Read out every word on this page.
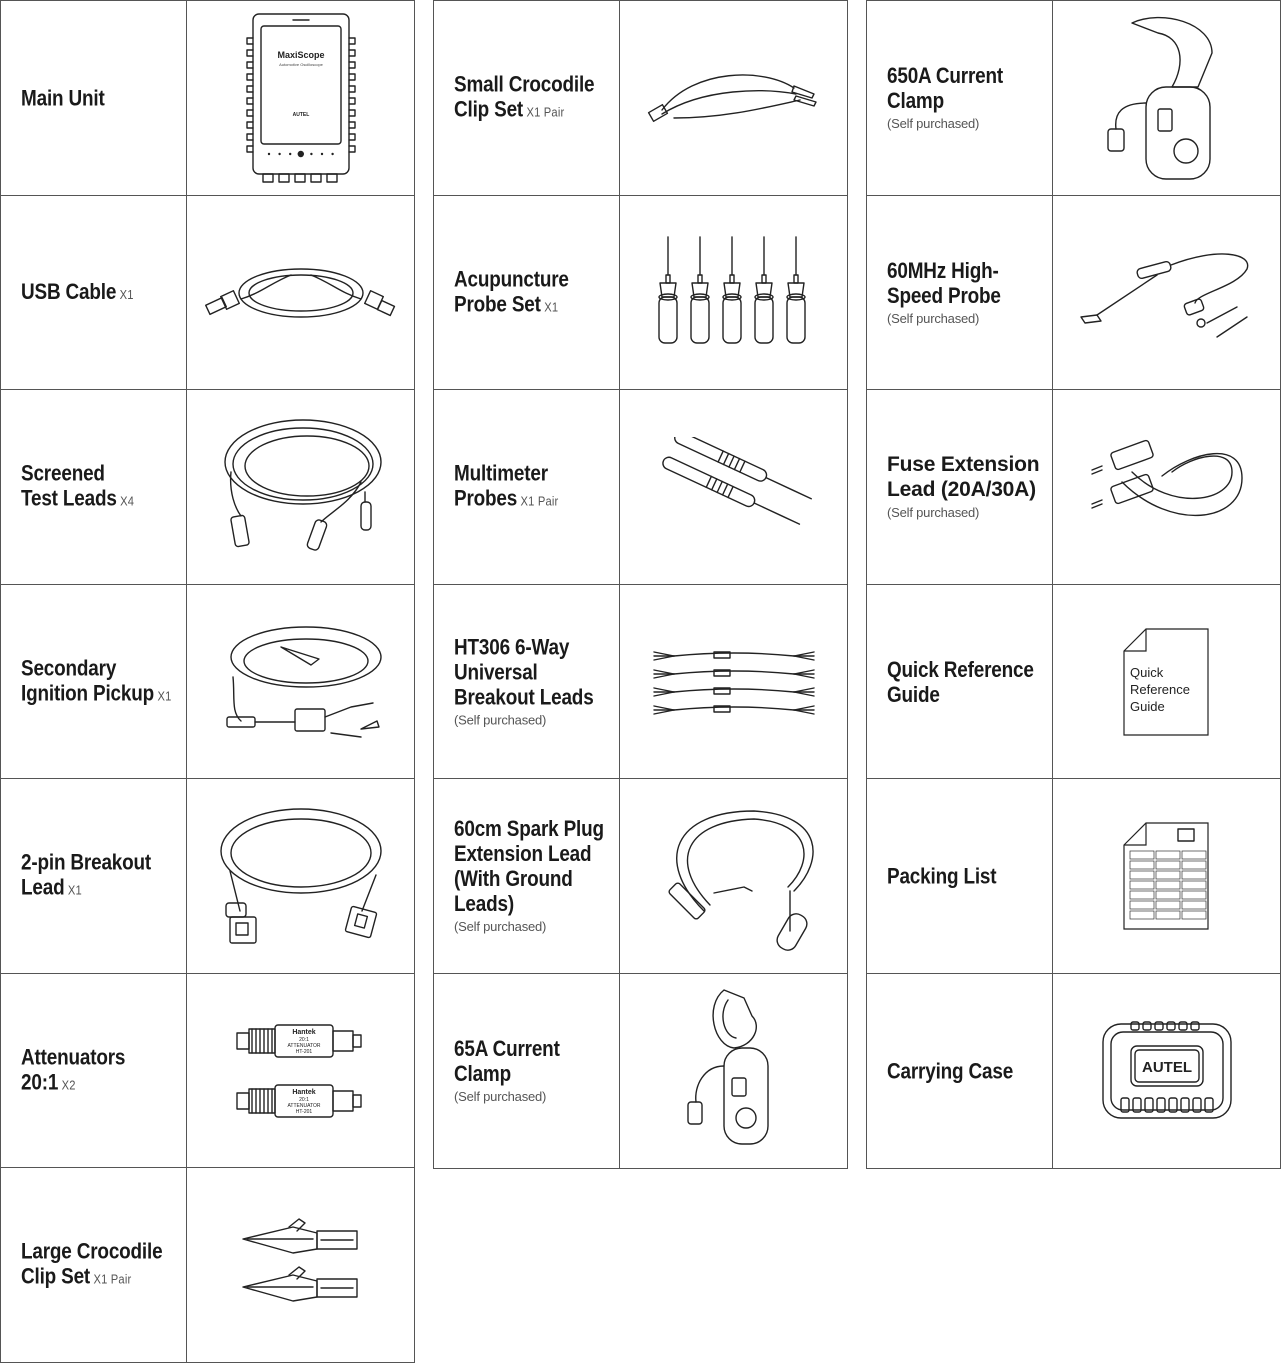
Main Unit
MaxiScope
Automotive Oscilloscope
AUTEL
USB Cable X1
Screened
Test Leads X4
Secondary
Ignition Pickup X1
2-pin Breakout
Lead X1
Attenuators
20:1 X2
Hantek
20:1
ATTENUATOR
HT-201
Hantek
20:1
ATTENUATOR
HT-201
Large Crocodile
Clip Set X1 Pair
Small Crocodile
Clip Set X1 Pair
Acupuncture
Probe Set X1
Multimeter
Probes X1 Pair
HT306 6-Way
Universal
Breakout Leads
(Self purchased)
60cm Spark Plug
Extension Lead
(With Ground
Leads)
(Self purchased)
65A Current
Clamp
(Self purchased)
650A Current
Clamp
(Self purchased)
60MHz High-
Speed Probe
(Self purchased)
Fuse Extension
Lead (20A/30A)
(Self purchased)
Quick Reference
Guide
Quick
Reference
Guide
Packing List
Carrying Case	AUTEL
